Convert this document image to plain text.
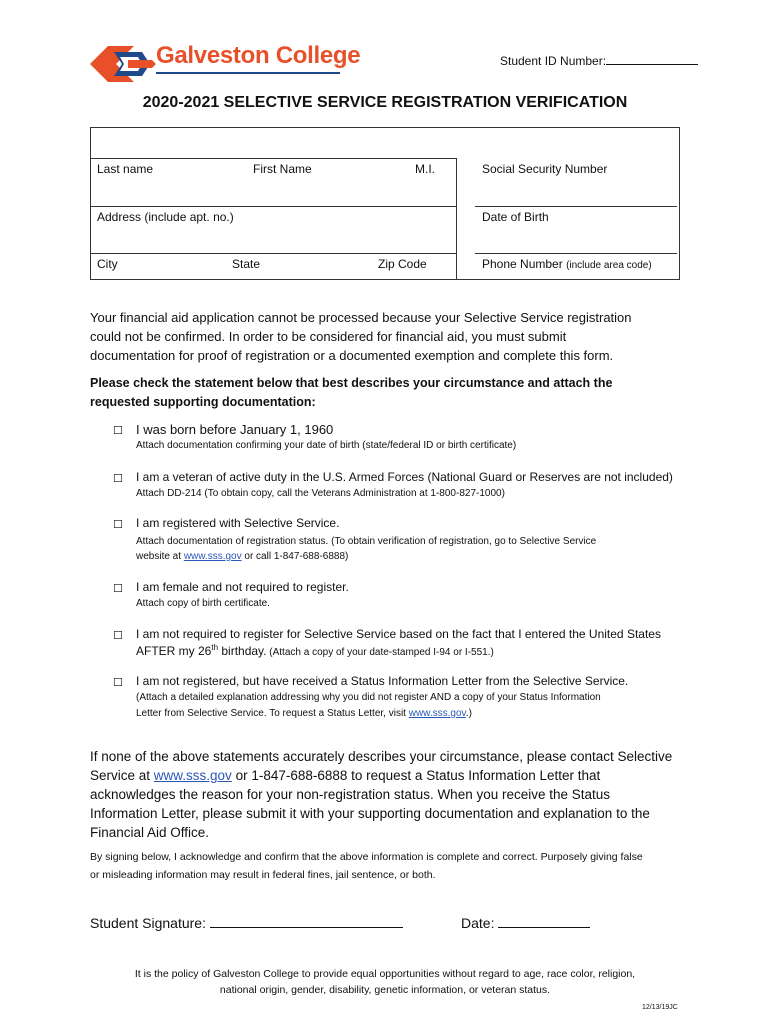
Galveston College	Student ID Number:
2020-2021 SELECTIVE SERVICE REGISTRATION VERIFICATION
Last name	First Name	M.I.	Social Security Number
Address (include apt. no.)	Date of Birth
City	State	Zip Code	Phone Number (include area code)
Your financial aid application cannot be processed because your Selective Service registration
could not be confirmed. In order to be considered for financial aid, you must submit
documentation for proof of registration or a documented exemption and complete this form.
Please check the statement below that best describes your circumstance and attach the
requested supporting documentation:
☐ I was born before January 1, 1960
Attach documentation confirming your date of birth (state/federal ID or birth certificate)
☐ I am a veteran of active duty in the U.S. Armed Forces (National Guard or Reserves are not included)
Attach DD-214 (To obtain copy, call the Veterans Administration at 1-800-827-1000)
☐ I am registered with Selective Service.
Attach documentation of registration status. (To obtain verification of registration, go to Selective Service
website at www.sss.gov or call 1-847-688-6888)
☐ I am female and not required to register.
Attach copy of birth certificate.
☐ I am not required to register for Selective Service based on the fact that I entered the United States
AFTER my 26th birthday. (Attach a copy of your date-stamped I-94 or I-551.)
☐ I am not registered, but have received a Status Information Letter from the Selective Service.
(Attach a detailed explanation addressing why you did not register AND a copy of your Status Information
Letter from Selective Service. To request a Status Letter, visit www.sss.gov.)
If none of the above statements accurately describes your circumstance, please contact Selective
Service at www.sss.gov or 1-847-688-6888 to request a Status Information Letter that
acknowledges the reason for your non-registration status. When you receive the Status
Information Letter, please submit it with your supporting documentation and explanation to the
Financial Aid Office.
By signing below, I acknowledge and confirm that the above information is complete and correct. Purposely giving false
or misleading information may result in federal fines, jail sentence, or both.
Student Signature:	Date:
It is the policy of Galveston College to provide equal opportunities without regard to age, race color, religion,
national origin, gender, disability, genetic information, or veteran status.
12/13/19JC
